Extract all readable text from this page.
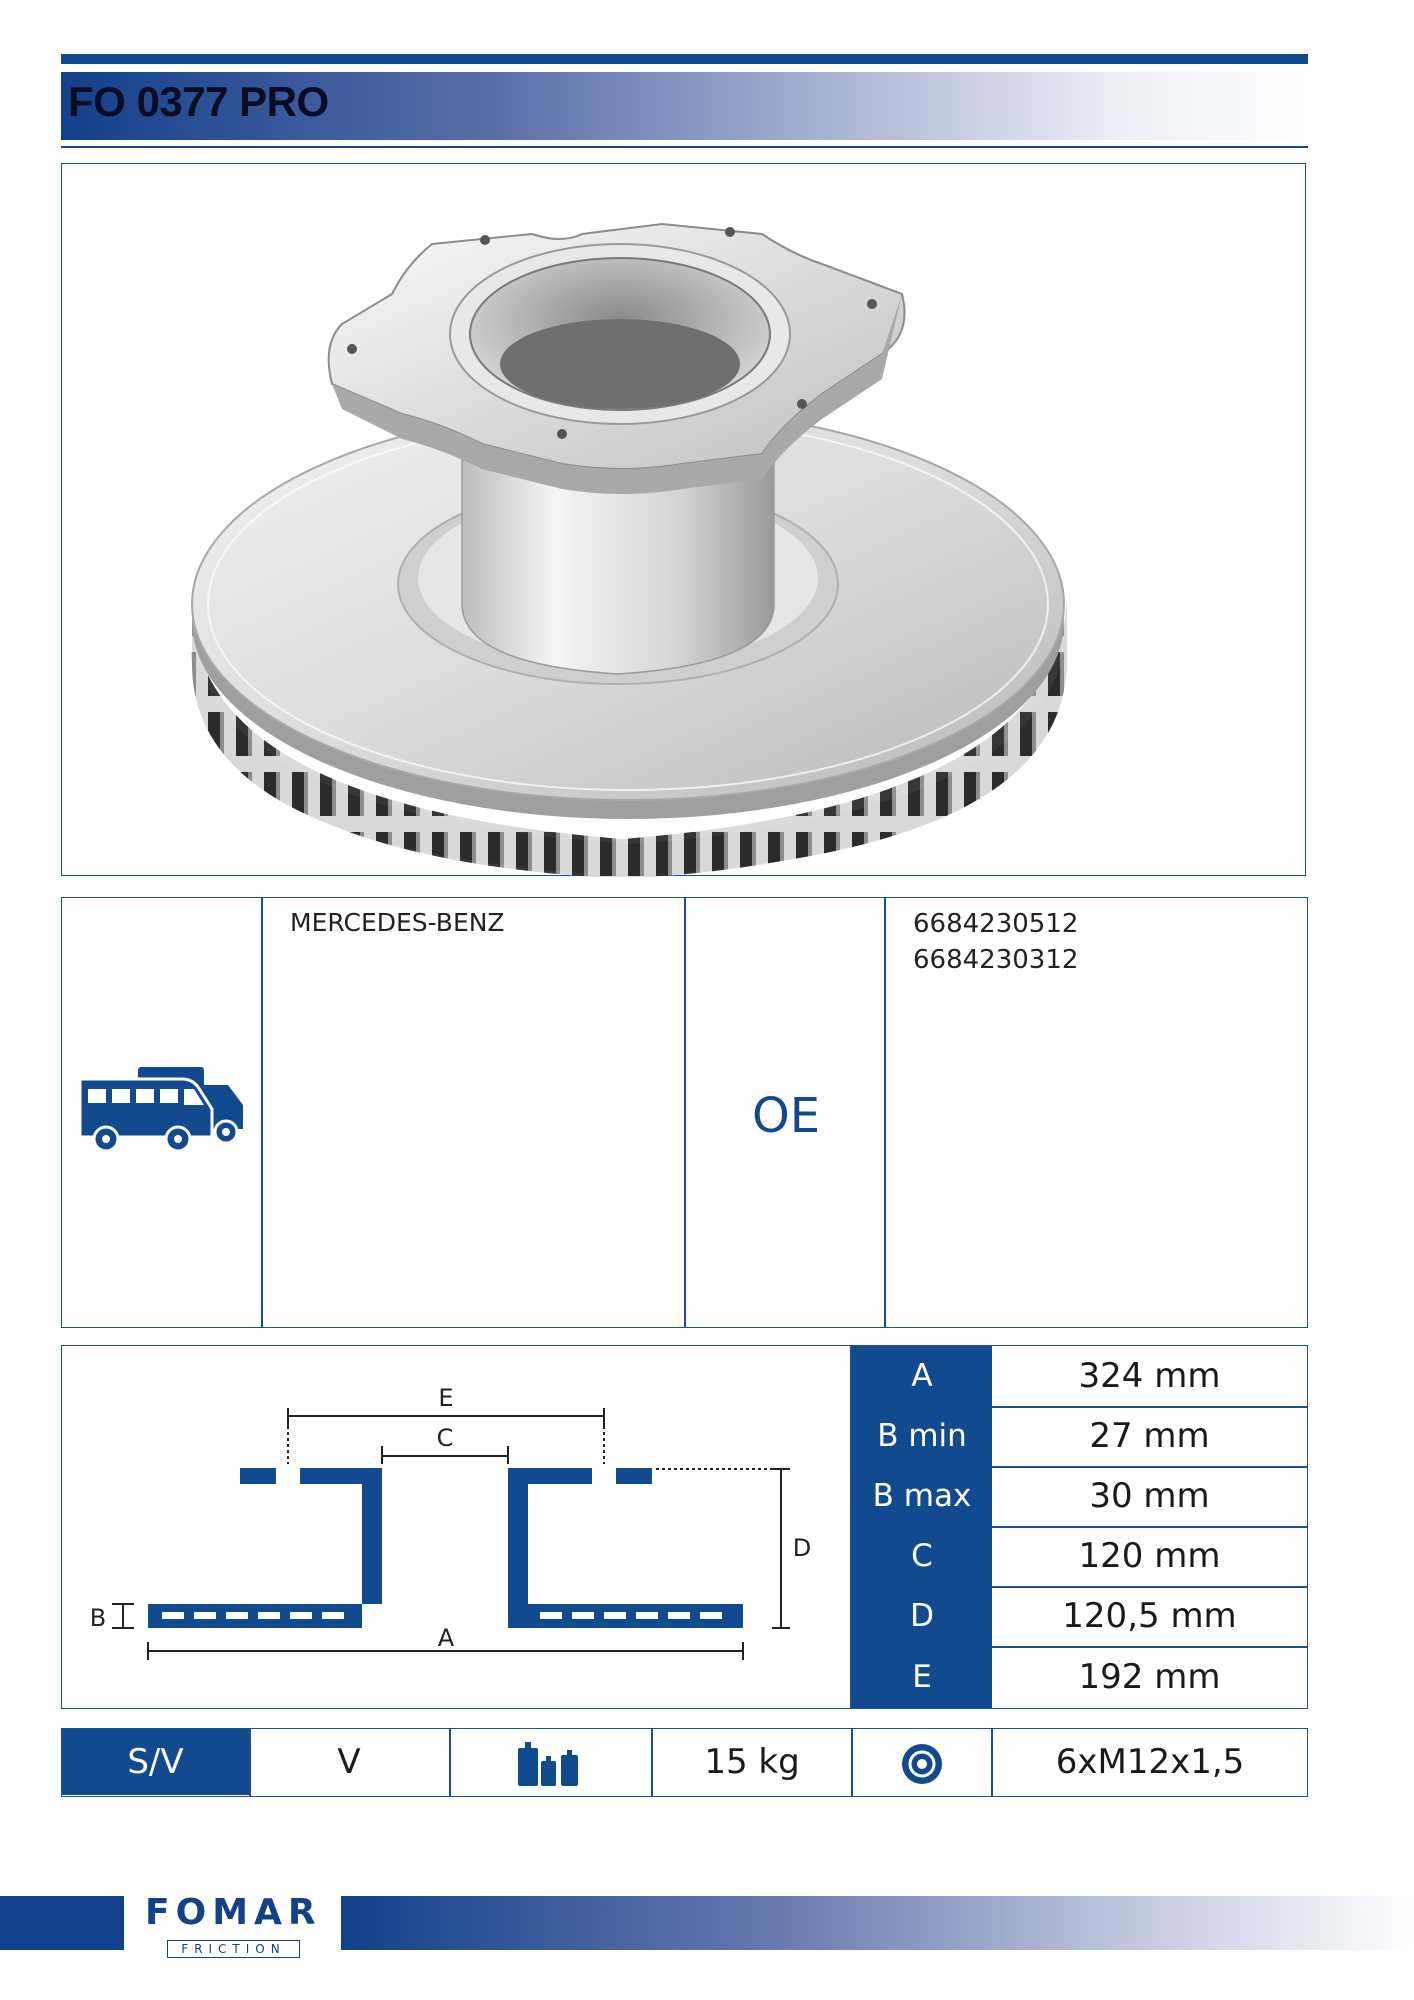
FO 0377 PRO
MERCEDES-BENZ
OE
6684230512
6684230312
E
C
D
B
A
A	324 mm
B min	27 mm
B max	30 mm
C	120 mm
D	120,5 mm
E	192 mm
S/V	V	15 kg	6xM12x1,5
FOMAR
FRICTION
